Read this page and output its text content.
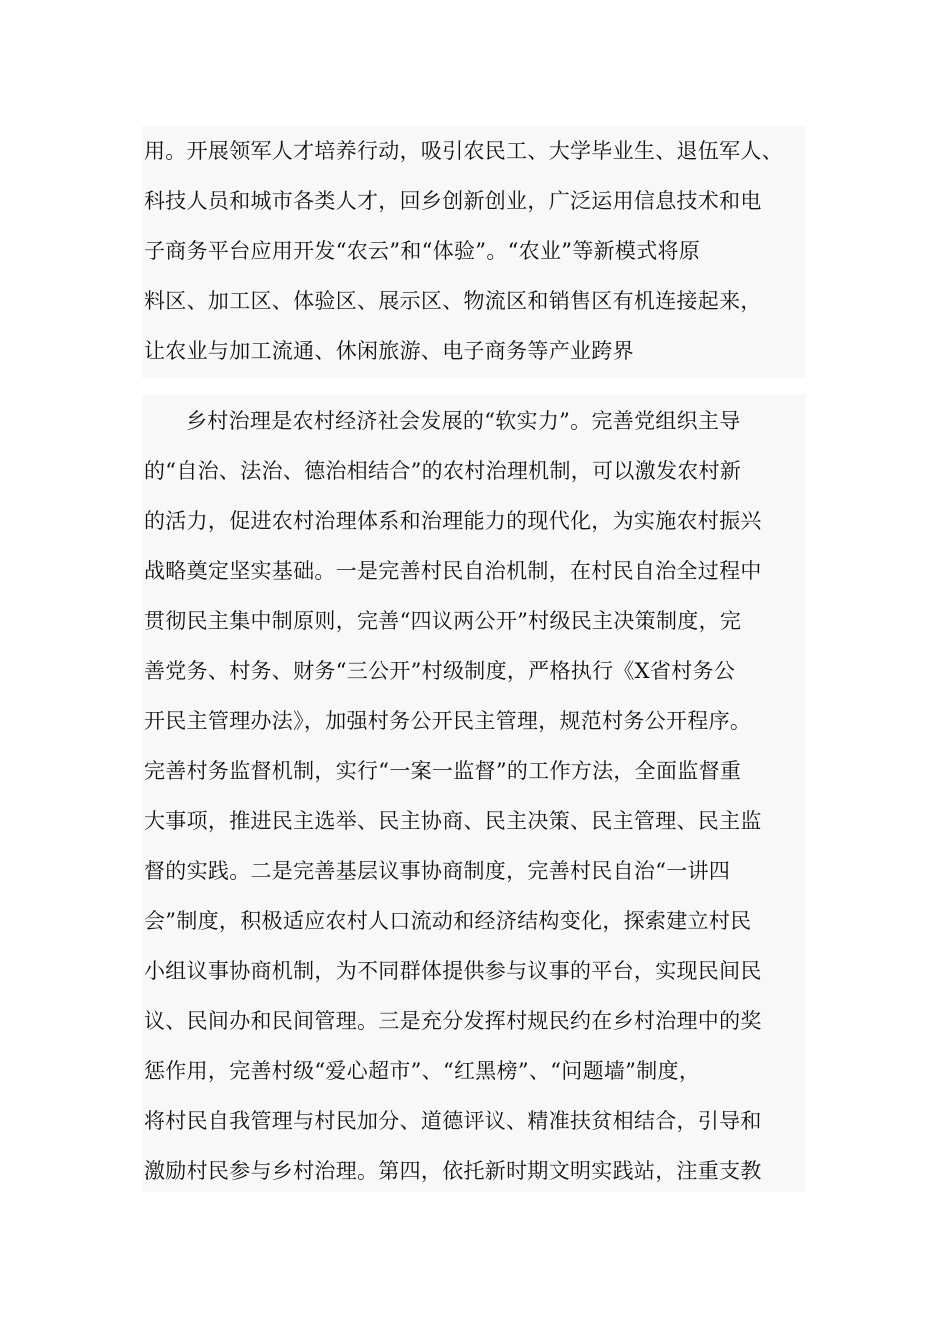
用。开展领军人才培养行动，吸引农民工、大学毕业生、退伍军人、
科技人员和城市各类人才，回乡创新创业，广泛运用信息技术和电
子商务平台应用开发“农云”和“体验”。“农业”等新模式将原
料区、加工区、体验区、展示区、物流区和销售区有机连接起来，
让农业与加工流通、休闲旅游、电子商务等产业跨界
乡村治理是农村经济社会发展的“软实力”。完善党组织主导
的“自治、法治、德治相结合”的农村治理机制，可以激发农村新
的活力，促进农村治理体系和治理能力的现代化，为实施农村振兴
战略奠定坚实基础。一是完善村民自治机制，在村民自治全过程中
贯彻民主集中制原则，完善“四议两公开”村级民主决策制度，完
善党务、村务、财务“三公开”村级制度，严格执行《X省村务公
开民主管理办法》，加强村务公开民主管理，规范村务公开程序。
完善村务监督机制，实行“一案一监督”的工作方法，全面监督重
大事项，推进民主选举、民主协商、民主决策、民主管理、民主监
督的实践。二是完善基层议事协商制度，完善村民自治“一讲四
会”制度，积极适应农村人口流动和经济结构变化，探索建立村民
小组议事协商机制，为不同群体提供参与议事的平台，实现民间民
议、民间办和民间管理。三是充分发挥村规民约在乡村治理中的奖
惩作用，完善村级“爱心超市”、“红黑榜”、“问题墙”制度，
将村民自我管理与村民加分、道德评议、精准扶贫相结合，引导和
激励村民参与乡村治理。第四，依托新时期文明实践站，注重支教
